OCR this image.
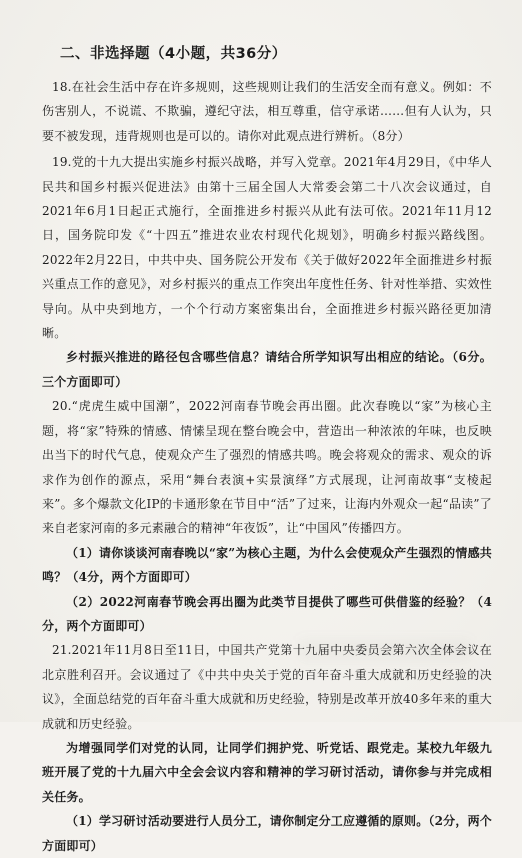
二、非选择题（4小题，共36分）

18.在社会生活中存在许多规则，这些规则让我们的生活安全而有意义。例如：不伤害别人，不说谎、不欺骗，遵纪守法，相互尊重，信守承诺……但有人认为，只要不被发现，违背规则也是可以的。请你对此观点进行辨析。（8分）

19.党的十九大提出实施乡村振兴战略，并写入党章。2021年4月29日，《中华人民共和国乡村振兴促进法》由第十三届全国人大常委会第二十八次会议通过，自2021年6月1日起正式施行，全面推进乡村振兴从此有法可依。2021年11月12日，国务院印发《“十四五”推进农业农村现代化规划》，明确乡村振兴路线图。2022年2月22日，中共中央、国务院公开发布《关于做好2022年全面推进乡村振兴重点工作的意见》，对乡村振兴的重点工作突出年度性任务、针对性举措、实效性导向。从中央到地方，一个个行动方案密集出台，全面推进乡村振兴路径更加清晰。

乡村振兴推进的路径包含哪些信息？请结合所学知识写出相应的结论。（6分。三个方面即可）

20.“虎虎生威中国潮”，2022河南春节晚会再出圈。此次春晚以“家”为核心主题，将“家”特殊的情感、情愫呈现在整台晚会中，营造出一种浓浓的年味，也反映出当下的时代气息，使观众产生了强烈的情感共鸣。晚会将观众的需求、观众的诉求作为创作的源点，采用“舞台表演+实景演绎”方式展现，让河南故事“支棱起来”。多个爆款文化IP的卡通形象在节目中“活”了过来，让海内外观众一起“品读”了来自老家河南的多元素融合的精神“年夜饭”，让“中国风”传播四方。

（1）请你谈谈河南春晚以“家”为核心主题，为什么会使观众产生强烈的情感共鸣？（4分，两个方面即可）

（2）2022河南春节晚会再出圈为此类节目提供了哪些可供借鉴的经验？（4分，两个方面即可）

21.2021年11月8日至11日，中国共产党第十九届中央委员会第六次全体会议在北京胜利召开。会议通过了《中共中央关于党的百年奋斗重大成就和历史经验的决议》，全面总结党的百年奋斗重大成就和历史经验，特别是改革开放40多年来的重大成就和历史经验。

为增强同学们对党的认同，让同学们拥护党、听党话、跟党走。某校九年级九班开展了党的十九届六中全会会议内容和精神的学习研讨活动，请你参与并完成相关任务。

（1）学习研讨活动要进行人员分工，请你制定分工应遵循的原则。（2分，两个方面即可）
